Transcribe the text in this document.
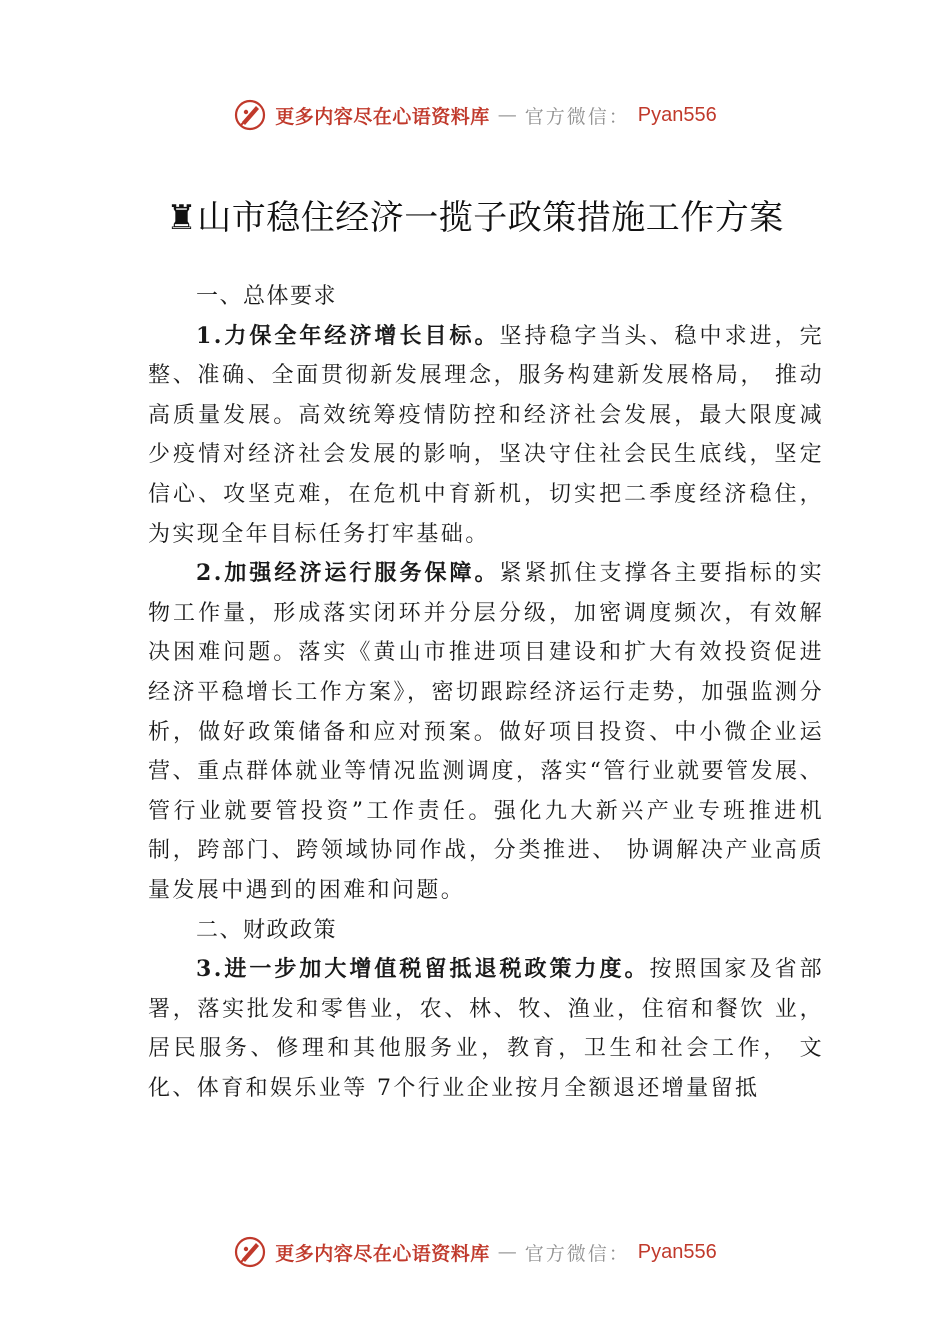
更多内容尽在心语资料库 — 官方微信： Pyan556
♜山市稳住经济一揽子政策措施工作方案

一、总体要求

1.力保全年经济增长目标。坚持稳字当头、稳中求进，完整、准确、全面贯彻新发展理念，服务构建新发展格局， 推动高质量发展。高效统筹疫情防控和经济社会发展，最大限度减少疫情对经济社会发展的影响，坚决守住社会民生底线，坚定信心、攻坚克难，在危机中育新机，切实把二季度经济稳住，为实现全年目标任务打牢基础。

2.加强经济运行服务保障。紧紧抓住支撑各主要指标的实物工作量，形成落实闭环并分层分级，加密调度频次，有效解决困难问题。落实《黄山市推进项目建设和扩大有效投资促进经济平稳增长工作方案》，密切跟踪经济运行走势，加强监测分析，做好政策储备和应对预案。做好项目投资、中小微企业运营、重点群体就业等情况监测调度，落实“管行业就要管发展、管行业就要管投资”工作责任。强化九大新兴产业专班推进机制，跨部门、跨领域协同作战，分类推进、 协调解决产业高质量发展中遇到的困难和问题。

二、财政政策

3.进一步加大增值税留抵退税政策力度。按照国家及省部署，落实批发和零售业，农、林、牧、渔业，住宿和餐饮 业，居民服务、修理和其他服务业，教育，卫生和社会工作， 文化、体育和娱乐业等 7个行业企业按月全额退还增量留抵

更多内容尽在心语资料库 — 官方微信： Pyan556
